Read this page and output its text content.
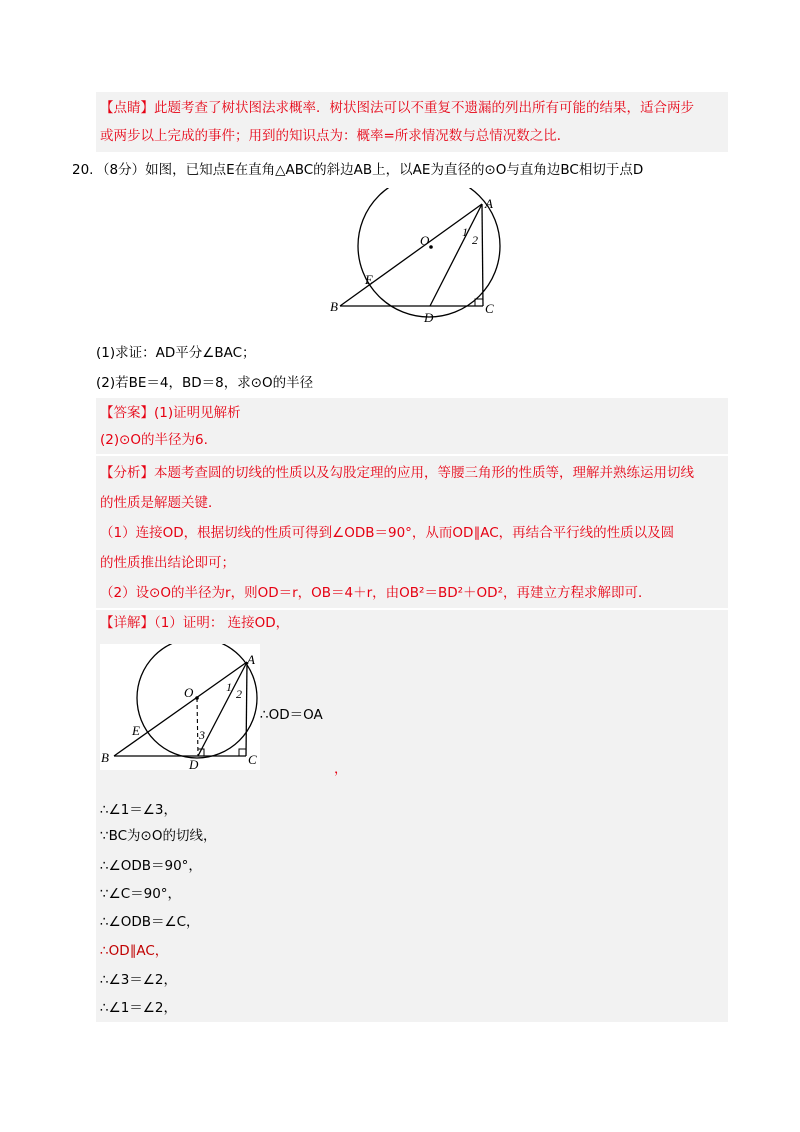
【点睛】此题考查了树状图法求概率．树状图法可以不重复不遗漏的列出所有可能的结果，适合两步
或两步以上完成的事件；用到的知识点为：概率=所求情况数与总情况数之比．
20. （8分）如图，已知点E在直角△ABC的斜边AB上，以AE为直径的⊙O与直角边BC相切于点D
A
O
1
2
E
B
D
C
(1)求证：AD平分∠BAC；
(2)若BE＝4，BD＝8，求⊙O的半径
【答案】(1)证明见解析
(2)⊙O的半径为6.
【分析】本题考查圆的切线的性质以及勾股定理的应用，等腰三角形的性质等，理解并熟练运用切线
的性质是解题关键．
（1）连接OD，根据切线的性质可得到∠ODB＝90°，从而OD∥AC，再结合平行线的性质以及圆
的性质推出结论即可；
（2）设⊙O的半径为r，则OD＝r，OB＝4＋r，由OB²＝BD²＋OD²，再建立方程求解即可．
【详解】（1）证明： 连接OD，
A
O	1 2
3
E
B	D	C
∴OD＝OA
，
∴∠1＝∠3，
∵BC为⊙O的切线，
∴∠ODB＝90°，
∵∠C＝90°，
∴∠ODB＝∠C，
∴OD∥AC，
∴∠3＝∠2，
∴∠1＝∠2，
